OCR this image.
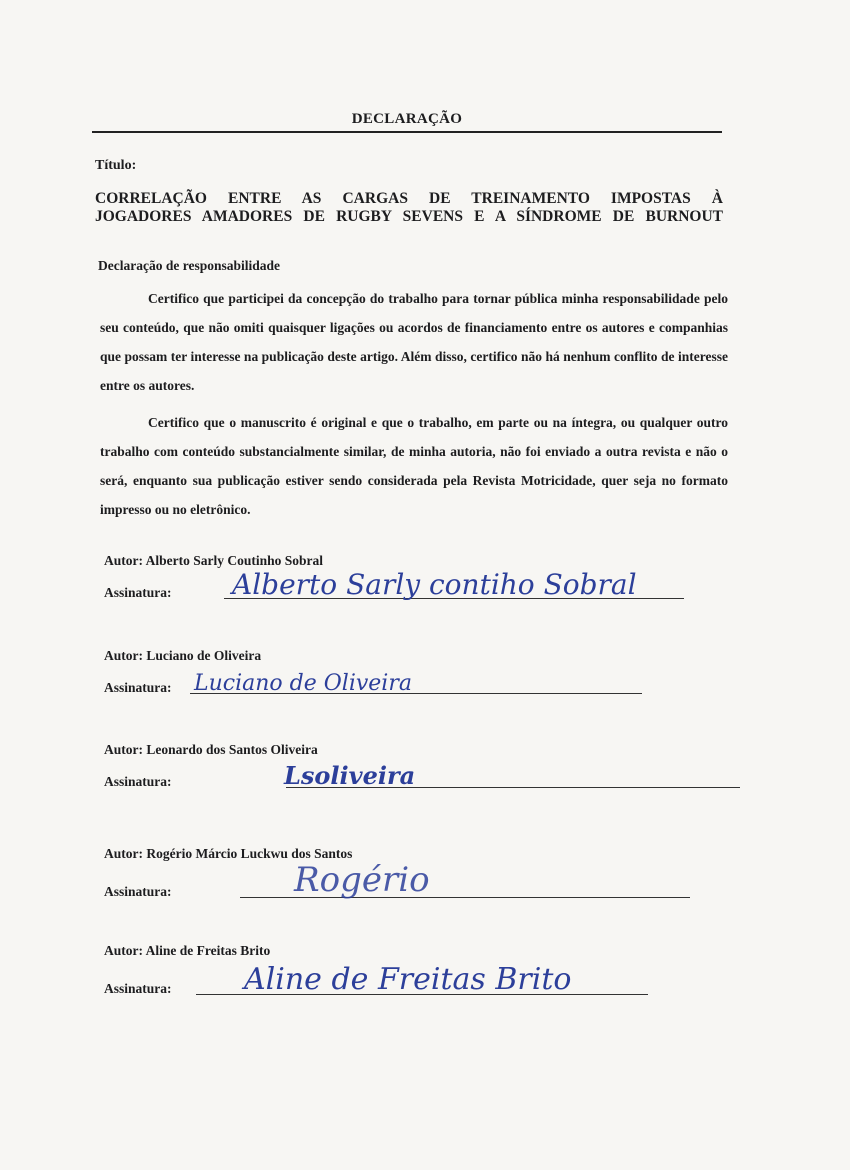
DECLARAÇÃO
Título:
CORRELAÇÃO ENTRE AS CARGAS DE TREINAMENTO IMPOSTAS À
JOGADORES AMADORES DE RUGBY SEVENS E A SÍNDROME DE BURNOUT
Declaração de responsabilidade
Certifico que participei da concepção do trabalho para tornar pública minha responsabilidade pelo seu conteúdo, que não omiti quaisquer ligações ou acordos de financiamento entre os autores e companhias que possam ter interesse na publicação deste artigo. Além disso, certifico não há nenhum conflito de interesse entre os autores.
Certifico que o manuscrito é original e que o trabalho, em parte ou na íntegra, ou qualquer outro trabalho com conteúdo substancialmente similar, de minha autoria, não foi enviado a outra revista e não o será, enquanto sua publicação estiver sendo considerada pela Revista Motricidade, quer seja no formato impresso ou no eletrônico.
Autor: Alberto Sarly Coutinho Sobral
Assinatura: Alberto Sarly contiho Sobral
Autor: Luciano de Oliveira
Assinatura: Luciano de Oliveira
Autor: Leonardo dos Santos Oliveira
Assinatura:	Lsoliveira
Autor: Rogério Márcio Luckwu dos Santos
Assinatura:	Rogério
Autor: Aline de Freitas Brito
Assinatura: Aline de Freitas Brito
